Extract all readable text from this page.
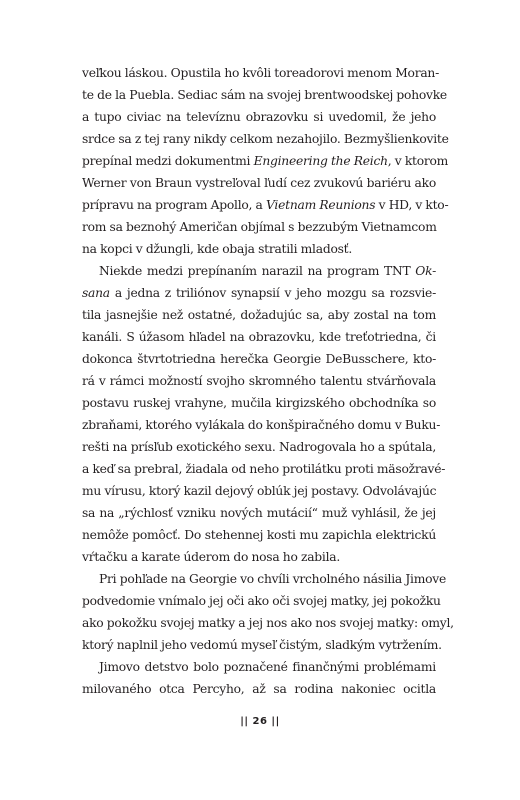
veľkou láskou. Opustila ho kvôli toreadorovi menom Moran-
te de la Puebla. Sediac sám na svojej brentwoodskej pohovke
a tupo civiac na televíznu obrazovku si uvedomil, že jeho
srdce sa z tej rany nikdy celkom nezahojilo. Bezmyšlienkovite
prepínal medzi dokumentmi Engineering the Reich, v ktorom
Werner von Braun vystreľoval ľudí cez zvukovú bariéru ako
prípravu na program Apollo, a Vietnam Reunions v HD, v kto-
rom sa beznohý Američan objímal s bezzubým Vietnamcom
na kopci v džungli, kde obaja stratili mladosť.
Niekde medzi prepínaním narazil na program TNT Ok-
sana a jedna z triliónov synapsií v jeho mozgu sa rozsvie-
tila jasnejšie než ostatné, dožadujúc sa, aby zostal na tom
kanáli. S úžasom hľadel na obrazovku, kde treťotriedna, či
dokonca štvrtotriedna herečka Georgie DeBusschere, kto-
rá v rámci možností svojho skromného talentu stvárňovala
postavu ruskej vrahyne, mučila kirgizského obchodníka so
zbraňami, ktorého vylákala do konšpiračného domu v Buku-
rešti na prísľub exotického sexu. Nadrogovala ho a spútala,
a keď sa prebral, žiadala od neho protilátku proti mäsožravé-
mu vírusu, ktorý kazil dejový oblúk jej postavy. Odvolávajúc
sa na „rýchlosť vzniku nových mutácií“ muž vyhlásil, že jej
nemôže pomôcť. Do stehennej kosti mu zapichla elektrickú
vŕtačku a karate úderom do nosa ho zabila.
Pri pohľade na Georgie vo chvíli vrcholného násilia Jimove
podvedomie vnímalo jej oči ako oči svojej matky, jej pokožku
ako pokožku svojej matky a jej nos ako nos svojej matky: omyl,
ktorý naplnil jeho vedomú myseľ čistým, sladkým vytržením.
Jimovo detstvo bolo poznačené finančnými problémami
milovaného otca Percyho, až sa rodina nakoniec ocitla
|| 26 ||
